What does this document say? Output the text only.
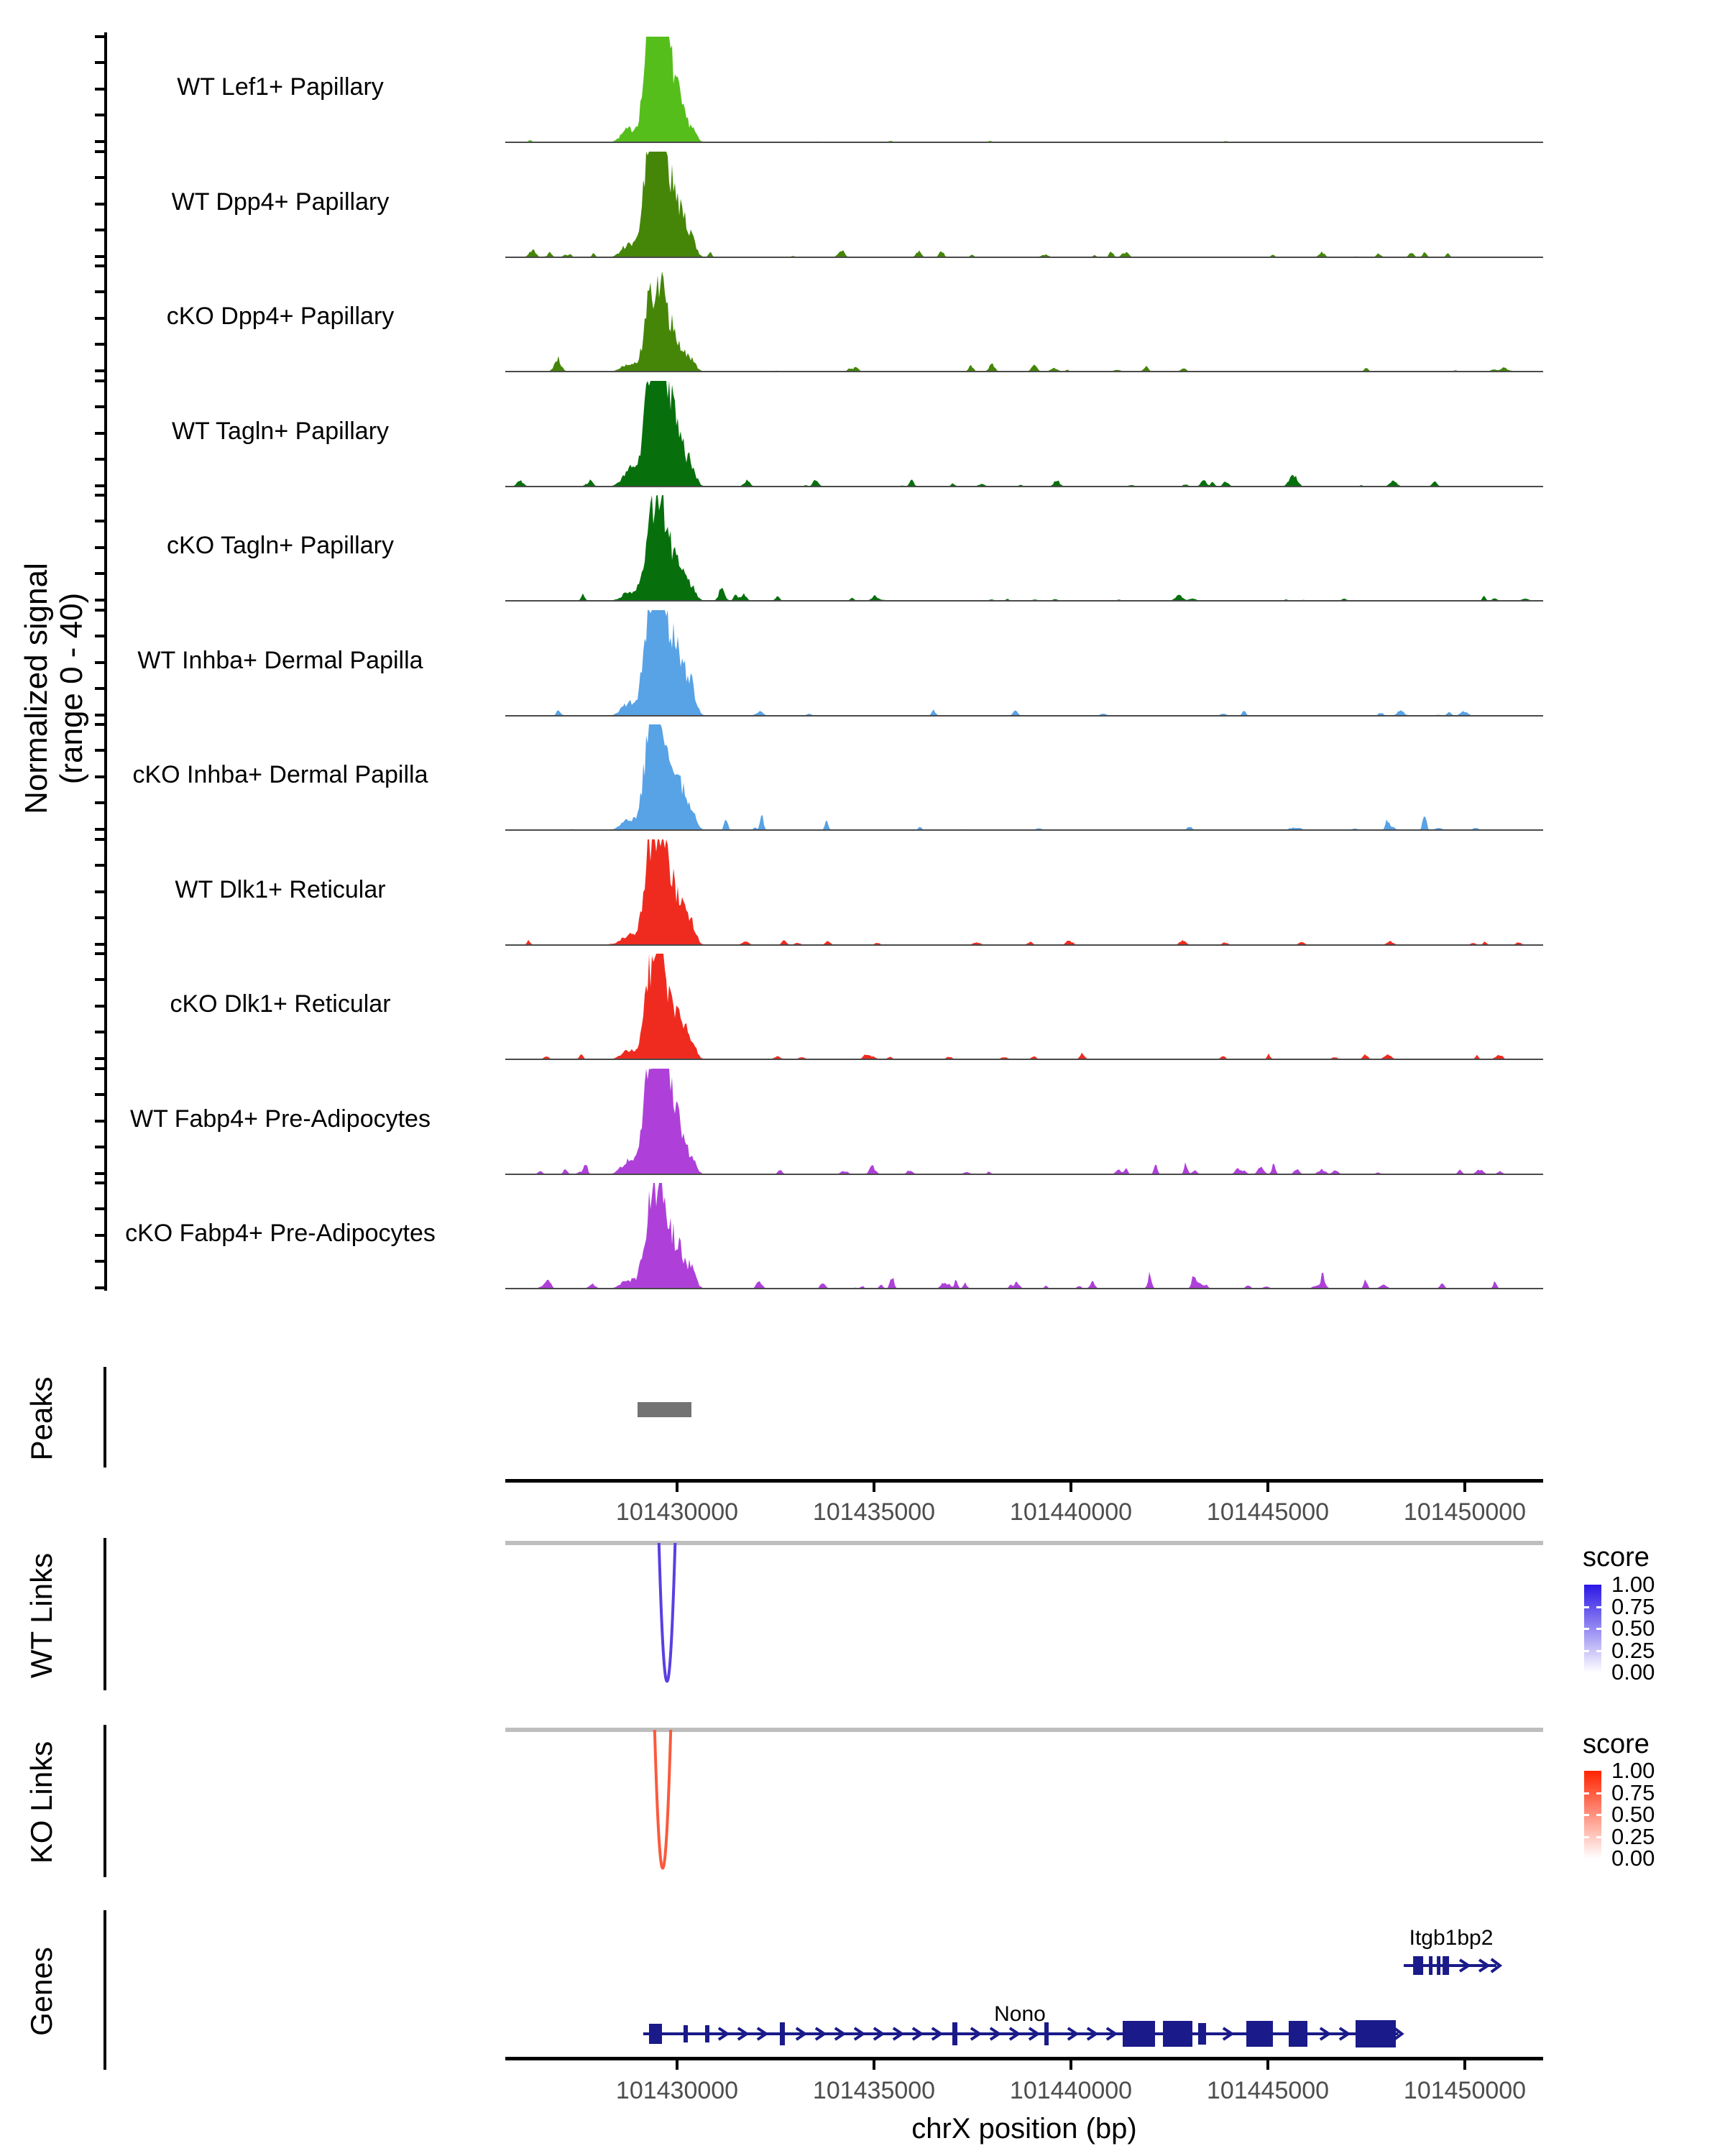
Normalized signal (range 0 - 40)
Peaks
WT Links
KO Links
Genes
score
score
chrX position (bp)
WT Lef1+ Papillary
WT Dpp4+ Papillary
cKO Dpp4+ Papillary
WT Tagln+ Papillary
cKO Tagln+ Papillary
WT Inhba+ Dermal Papilla
cKO Inhba+ Dermal Papilla
WT Dlk1+ Reticular
cKO Dlk1+ Reticular
WT Fabp4+ Pre-Adipocytes
cKO Fabp4+ Pre-Adipocytes
101430000	101435000	101440000	101445000	101450000
101430000	101435000	101440000	101445000	101450000
1.00
0.75
0.50
0.25
0.00
1.00
0.75
0.50
0.25
0.00
Nono
Itgb1bp2
